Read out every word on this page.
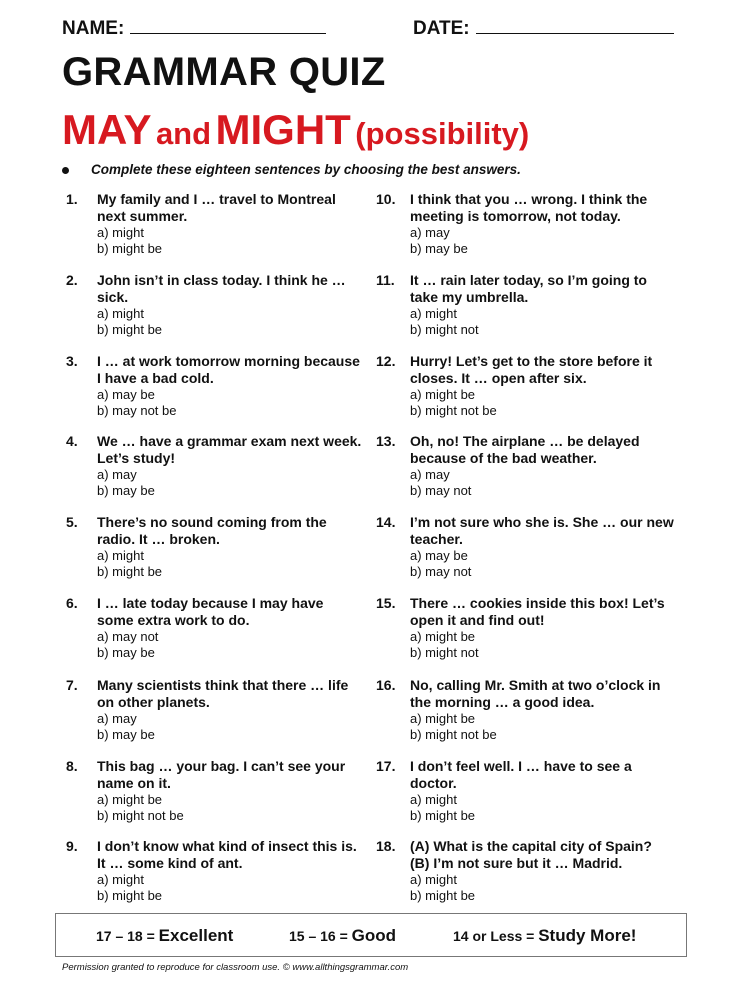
NAME:	DATE:
GRAMMAR QUIZ
MAY and MIGHT (possibility)
Complete these eighteen sentences by choosing the best answers.
1. My family and I … travel to Montreal next summer.
a) might
b) might be
2. John isn’t in class today. I think he … sick.
a) might
b) might be
3. I … at work tomorrow morning because I have a bad cold.
a) may be
b) may not be
4. We … have a grammar exam next week. Let’s study!
a) may
b) may be
5. There’s no sound coming from the radio. It … broken.
a) might
b) might be
6. I … late today because I may have some extra work to do.
a) may not
b) may be
7. Many scientists think that there … life on other planets.
a) may
b) may be
8. This bag … your bag. I can’t see your name on it.
a) might be
b) might not be
9. I don’t know what kind of insect this is. It … some kind of ant.
a) might
b) might be
10. I think that you … wrong. I think the meeting is tomorrow, not today.
a) may
b) may be
11. It … rain later today, so I’m going to take my umbrella.
a) might
b) might not
12. Hurry! Let’s get to the store before it closes. It … open after six.
a) might be
b) might not be
13. Oh, no! The airplane … be delayed because of the bad weather.
a) may
b) may not
14. I’m not sure who she is. She … our new teacher.
a) may be
b) may not
15. There … cookies inside this box! Let’s open it and find out!
a) might be
b) might not
16. No, calling Mr. Smith at two o’clock in the morning … a good idea.
a) might be
b) might not be
17. I don’t feel well. I … have to see a doctor.
a) might
b) might be
18. (A) What is the capital city of Spain? (B) I’m not sure but it … Madrid.
a) might
b) might be
17 – 18 = Excellent	15 – 16 = Good	14 or Less = Study More!
Permission granted to reproduce for classroom use. © www.allthingsgrammar.com
